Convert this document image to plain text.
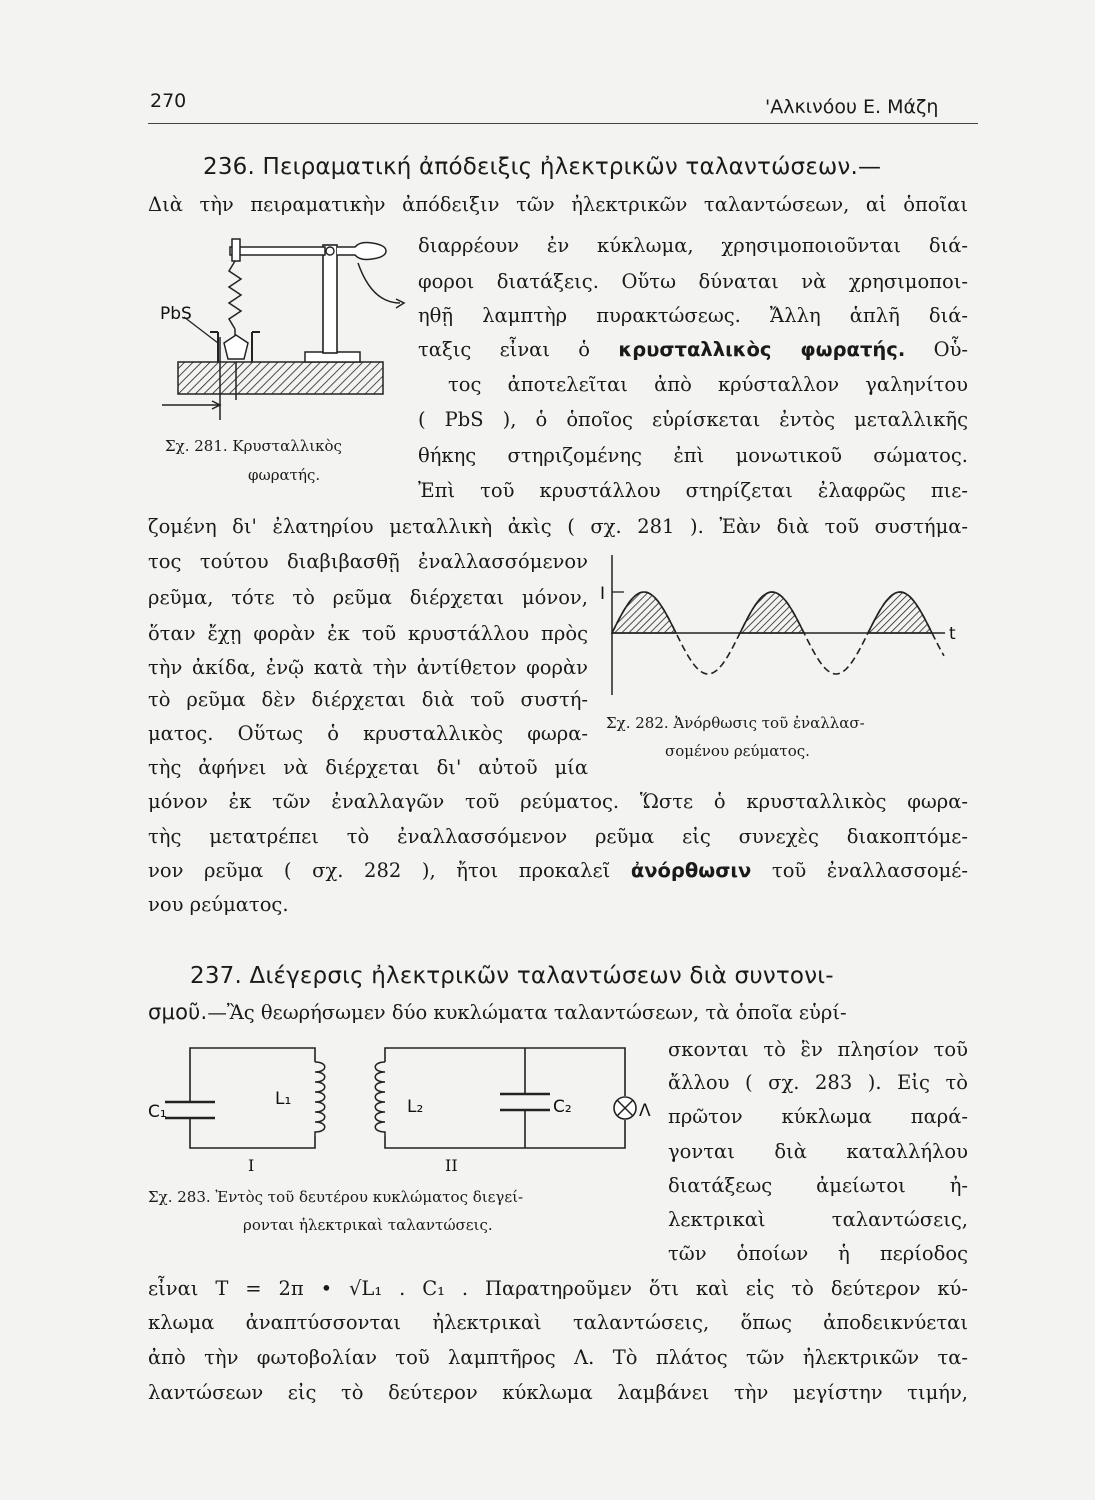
270	'Αλκινόου Ε. Μάζη
236. Πειραματική ἀπόδειξις ἠλεκτρικῶν ταλαντώσεων.—
Διὰ τὴν πειραματικὴν ἀπόδειξιν τῶν ἠλεκτρικῶν ταλαντώσεων, αἱ ὁποῖαι
διαρρέουν ἐν κύκλωμα, χρησιμοποιοῦνται διά-
φοροι διατάξεις. Οὕτω δύναται νὰ χρησιμοποι-
ηθῇ λαμπτὴρ πυρακτώσεως. Ἄλλη ἁπλῆ διά-
ταξις εἶναι ὁ κρυσταλλικὸς φωρατής. Οὗ-
τος ἀποτελεῖται ἀπὸ κρύσταλλον γαληνίτου
( PbS ), ὁ ὁποῖος εὑρίσκεται ἐντὸς μεταλλικῆς
θήκης στηριζομένης ἐπὶ μονωτικοῦ σώματος.
Ἐπὶ τοῦ κρυστάλλου στηρίζεται ἐλαφρῶς πιε-
ζομένη δι' ἐλατηρίου μεταλλικὴ ἀκὶς ( σχ. 281 ). Ἐὰν διὰ τοῦ συστήμα-
τος τούτου διαβιβασθῇ ἐναλλασσόμενον
ρεῦμα, τότε τὸ ρεῦμα διέρχεται μόνον,
ὅταν ἔχῃ φορὰν ἐκ τοῦ κρυστάλλου πρὸς
τὴν ἀκίδα, ἐνῷ κατὰ τὴν ἀντίθετον φορὰν
τὸ ρεῦμα δὲν διέρχεται διὰ τοῦ συστή-
ματος. Οὕτως ὁ κρυσταλλικὸς φωρα-
τὴς ἀφήνει νὰ διέρχεται δι' αὐτοῦ μία
μόνον ἐκ τῶν ἐναλλαγῶν τοῦ ρεύματος. Ὥστε ὁ κρυσταλλικὸς φωρα-
τὴς μετατρέπει τὸ ἐναλλασσόμενον ρεῦμα εἰς συνεχὲς διακοπτόμε-
νον ρεῦμα ( σχ. 282 ), ἤτοι προκαλεῖ ἀνόρθωσιν τοῦ ἐναλλασσομέ-
νου ρεύματος.
PbS
Σχ. 281. Κρυσταλλικὸς
φωρατής.
I
t
Σχ. 282. Ἀνόρθωσις τοῦ ἐναλλασ-
σομένου ρεύματος.
237. Διέγερσις ἠλεκτρικῶν ταλαντώσεων διὰ συντονι-
σμοῦ.—Ἂς θεωρήσωμεν δύο κυκλώματα ταλαντώσεων, τὰ ὁποῖα εὑρί-
σκονται τὸ ἓν πλησίον τοῦ
ἄλλου ( σχ. 283 ). Εἰς τὸ
πρῶτον κύκλωμα παρά-
γονται διὰ καταλλήλου
διατάξεως ἀμείωτοι ἠ-
λεκτρικαὶ ταλαντώσεις,
τῶν ὁποίων ἡ περίοδος
εἶναι T = 2π • √L₁ . C₁ . Παρατηροῦμεν ὅτι καὶ εἰς τὸ δεύτερον κύ-
κλωμα ἀναπτύσσονται ἠλεκτρικαὶ ταλαντώσεις, ὅπως ἀποδεικνύεται
ἀπὸ τὴν φωτοβολίαν τοῦ λαμπτῆρος Λ. Τὸ πλάτος τῶν ἠλεκτρικῶν τα-
λαντώσεων εἰς τὸ δεύτερον κύκλωμα λαμβάνει τὴν μεγίστην τιμήν,
C₁
L₁
I
L₂	C₂	Λ
II
Σχ. 283. Ἐντὸς τοῦ δευτέρου κυκλώματος διεγεί-
ρονται ἠλεκτρικαὶ ταλαντώσεις.
